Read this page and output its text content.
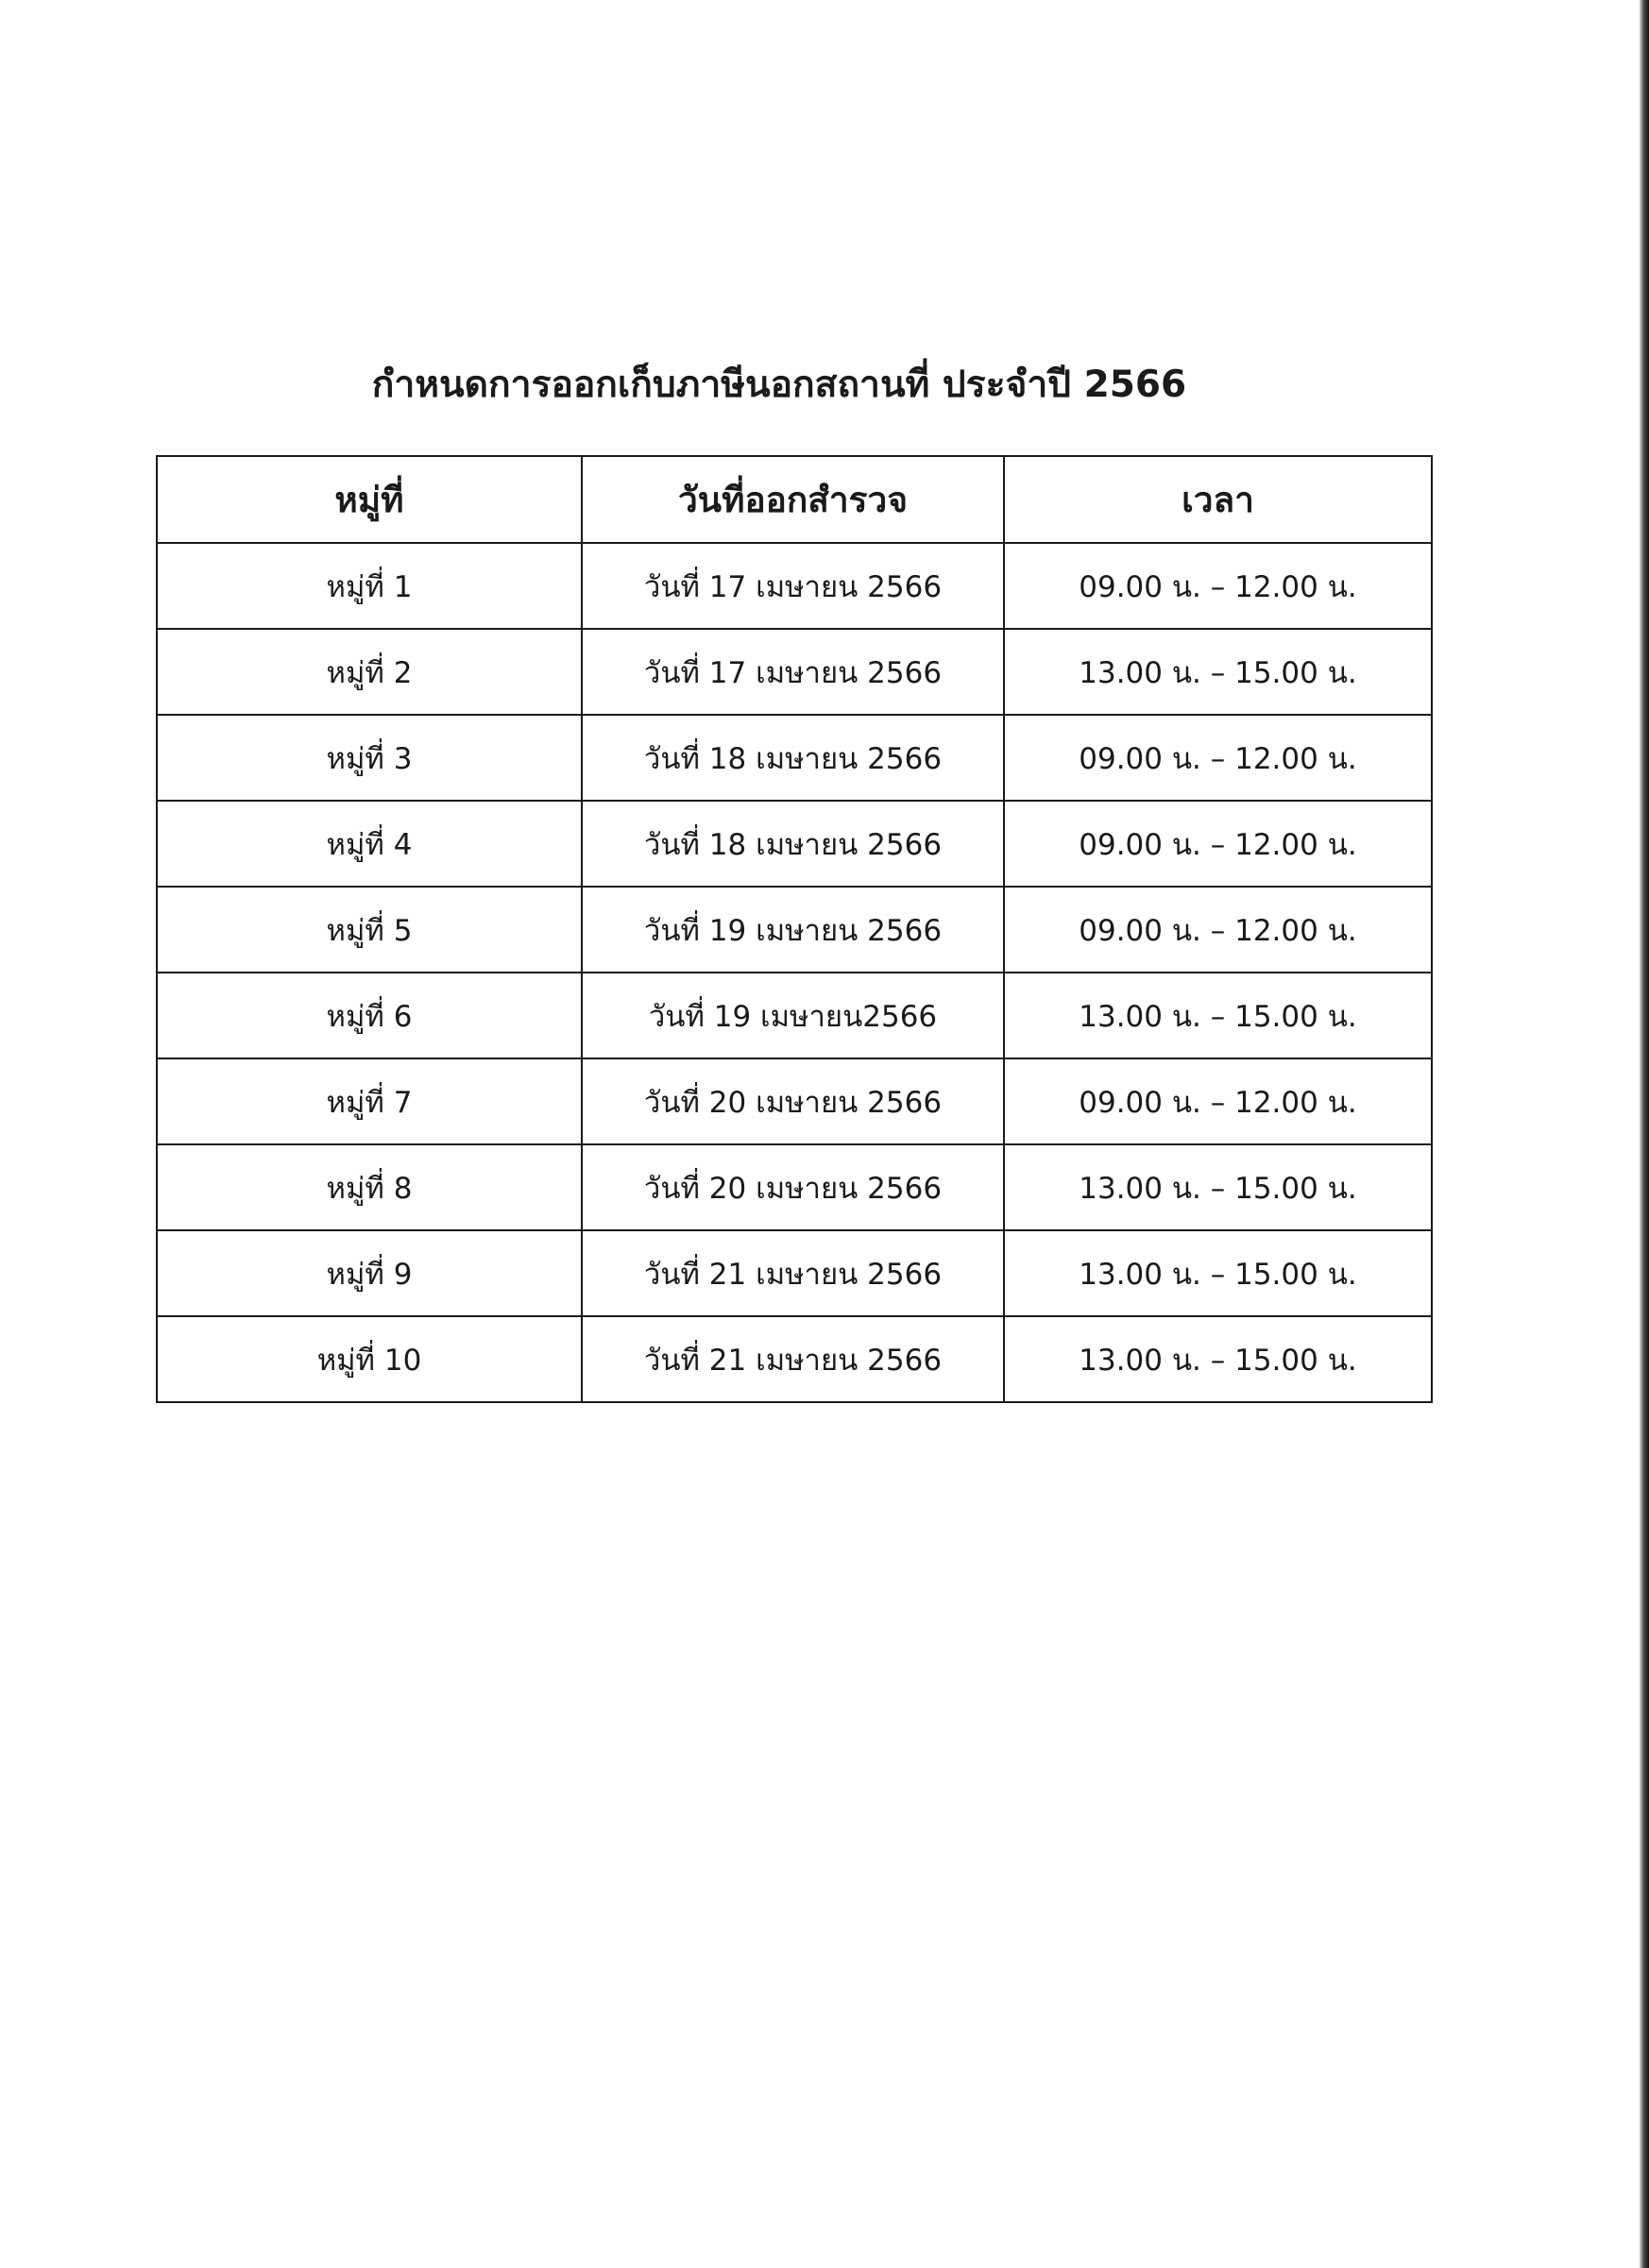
กำหนดการออกเก็บภาษีนอกสถานที่ ประจำปี 2566
หมู่ที่	วันที่ออกสำรวจ	เวลา
หมู่ที่ 1	วันที่ 17 เมษายน 2566	09.00 น. – 12.00 น.
หมู่ที่ 2	วันที่ 17 เมษายน 2566	13.00 น. – 15.00 น.
หมู่ที่ 3	วันที่ 18 เมษายน 2566	09.00 น. – 12.00 น.
หมู่ที่ 4	วันที่ 18 เมษายน 2566	09.00 น. – 12.00 น.
หมู่ที่ 5	วันที่ 19 เมษายน 2566	09.00 น. – 12.00 น.
หมู่ที่ 6	วันที่ 19 เมษายน2566	13.00 น. – 15.00 น.
หมู่ที่ 7	วันที่ 20 เมษายน 2566	09.00 น. – 12.00 น.
หมู่ที่ 8	วันที่ 20 เมษายน 2566	13.00 น. – 15.00 น.
หมู่ที่ 9	วันที่ 21 เมษายน 2566	13.00 น. – 15.00 น.
หมู่ที่ 10	วันที่ 21 เมษายน 2566	13.00 น. – 15.00 น.
